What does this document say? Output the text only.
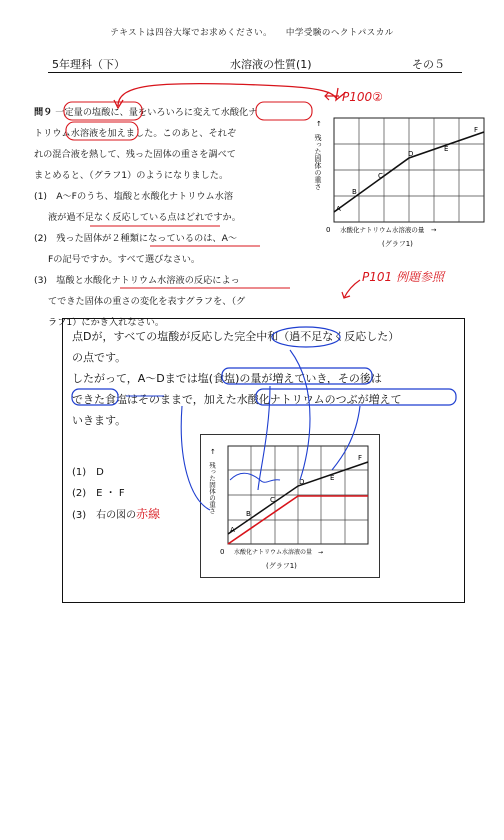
テキストは四谷大塚でお求めください。　　中学受験のヘクトパスカル
5年理科（下）	水溶液の性質(1)	その５
P100②

問９ 一定量の塩酸に、量をいろいろに変えて水酸化ナ

トリウム水溶液を加えました。このあと、それぞ

れの混合液を熱して、残った固体の重さを調べて

まとめると、（グラフ1）のようになりました。

(1)　A～Fのうち、塩酸と水酸化ナトリウム水溶

液が過不足なく反応している点はどれですか。

(2)　残った固体が２種類になっているのは、A～

Fの記号ですか。すべて選びなさい。

(3)　塩酸と水酸化ナトリウム水溶液の反応によっ

てできた固体の重さの変化を表すグラフを、（グ

ラフ1）にかき入れなさい。

A
B
C
D
E
F
0 水酸化ナトリウム水溶液の量　→
(グラフ1)
↑
残った固体の重さ
P101 例題参照

点Dが，すべての塩酸が反応した完全中和（過不足なく反応した）

の点です。

したがって，A～Dまでは塩(食塩)の量が増えていき，その後は

できた食塩はそのままで，加えた水酸化ナトリウムのつぶが増えて

いきます。

(1)　 D
(2)　 E ・ F
(3)　 右の図の赤線
A
B
C
D	E
F
0 水酸化ナトリウム水溶液の量　→
(グラフ1)
↑
残った固体の重さ
